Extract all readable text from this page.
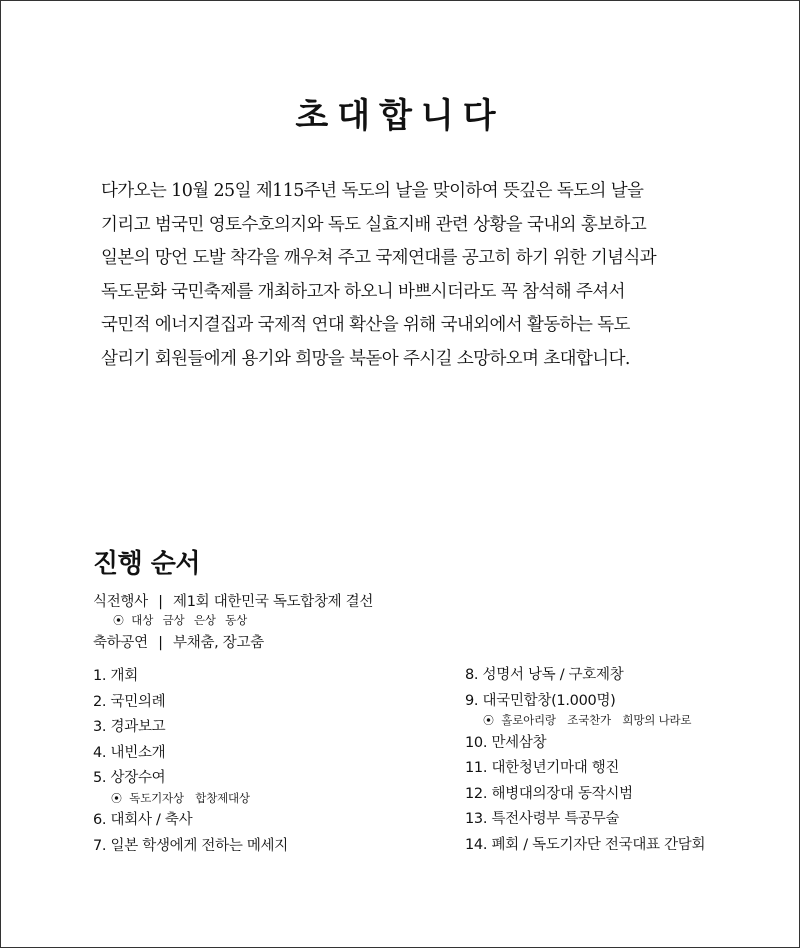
초대합니다

다가오는 10월 25일 제115주년 독도의 날을 맞이하여 뜻깊은 독도의 날을
기리고 범국민 영토수호의지와 독도 실효지배 관련 상황을 국내외 홍보하고
일본의 망언 도발 착각을 깨우쳐 주고 국제연대를 공고히 하기 위한 기념식과
독도문화 국민축제를 개최하고자 하오니 바쁘시더라도 꼭 참석해 주셔서
국민적 에너지결집과 국제적 연대 확산을 위해 국내외에서 활동하는 독도
살리기 회원들에게 용기와 희망을 북돋아 주시길 소망하오며 초대합니다.

진행 순서
식전행사 | 제1회 대한민국 독도합창제 결선
⦿ 대상 금상 은상 동상
축하공연 | 부채춤, 장고춤
1. 개회
2. 국민의례
3. 경과보고
4. 내빈소개
5. 상장수여
⦿ 독도기자상 합창제대상
6. 대회사 / 축사
7. 일본 학생에게 전하는 메세지
8. 성명서 낭독 / 구호제창
9. 대국민합창(1.000명)
⦿ 홀로아리랑 조국찬가 희망의 나라로
10. 만세삼창
11. 대한청년기마대 행진
12. 해병대의장대 동작시범
13. 특전사령부 특공무술
14. 폐회 / 독도기자단 전국대표 간담회
